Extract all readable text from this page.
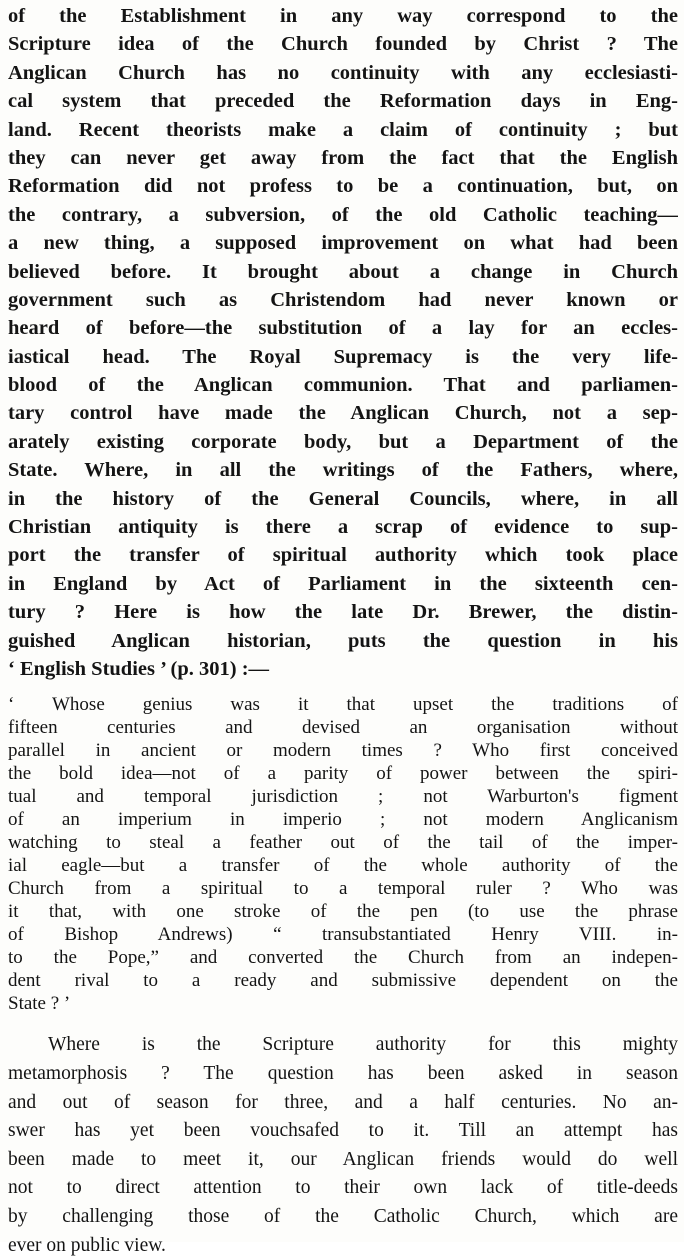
of the Establishment in any way correspond to the
Scripture idea of the Church founded by Christ ? The
Anglican Church has no continuity with any ecclesiasti-
cal system that preceded the Reformation days in Eng-
land. Recent theorists make a claim of continuity ; but
they can never get away from the fact that the English
Reformation did not profess to be a continuation, but, on
the contrary, a subversion, of the old Catholic teaching—
a new thing, a supposed improvement on what had been
believed before. It brought about a change in Church
government such as Christendom had never known or
heard of before—the substitution of a lay for an eccles-
iastical head. The Royal Supremacy is the very life-
blood of the Anglican communion. That and parliamen-
tary control have made the Anglican Church, not a sep-
arately existing corporate body, but a Department of the
State. Where, in all the writings of the Fathers, where,
in the history of the General Councils, where, in all
Christian antiquity is there a scrap of evidence to sup-
port the transfer of spiritual authority which took place
in England by Act of Parliament in the sixteenth cen-
tury ? Here is how the late Dr. Brewer, the distin-
guished Anglican historian, puts the question in his
‘ English Studies ’ (p. 301) :—
‘ Whose genius was it that upset the traditions of
fifteen centuries and devised an organisation without
parallel in ancient or modern times ? Who first conceived
the bold idea—not of a parity of power between the spiri-
tual and temporal jurisdiction ; not Warburton's figment
of an imperium in imperio ; not modern Anglicanism
watching to steal a feather out of the tail of the imper-
ial eagle—but a transfer of the whole authority of the
Church from a spiritual to a temporal ruler ? Who was
it that, with one stroke of the pen (to use the phrase
of Bishop Andrews) “ transubstantiated Henry VIII. in-
to the Pope,” and converted the Church from an indepen-
dent rival to a ready and submissive dependent on the
State ? ’
Where is the Scripture authority for this mighty
metamorphosis ? The question has been asked in season
and out of season for three, and a half centuries. No an-
swer has yet been vouchsafed to it. Till an attempt has
been made to meet it, our Anglican friends would do well
not to direct attention to their own lack of title-deeds
by challenging those of the Catholic Church, which are
ever on public view.
